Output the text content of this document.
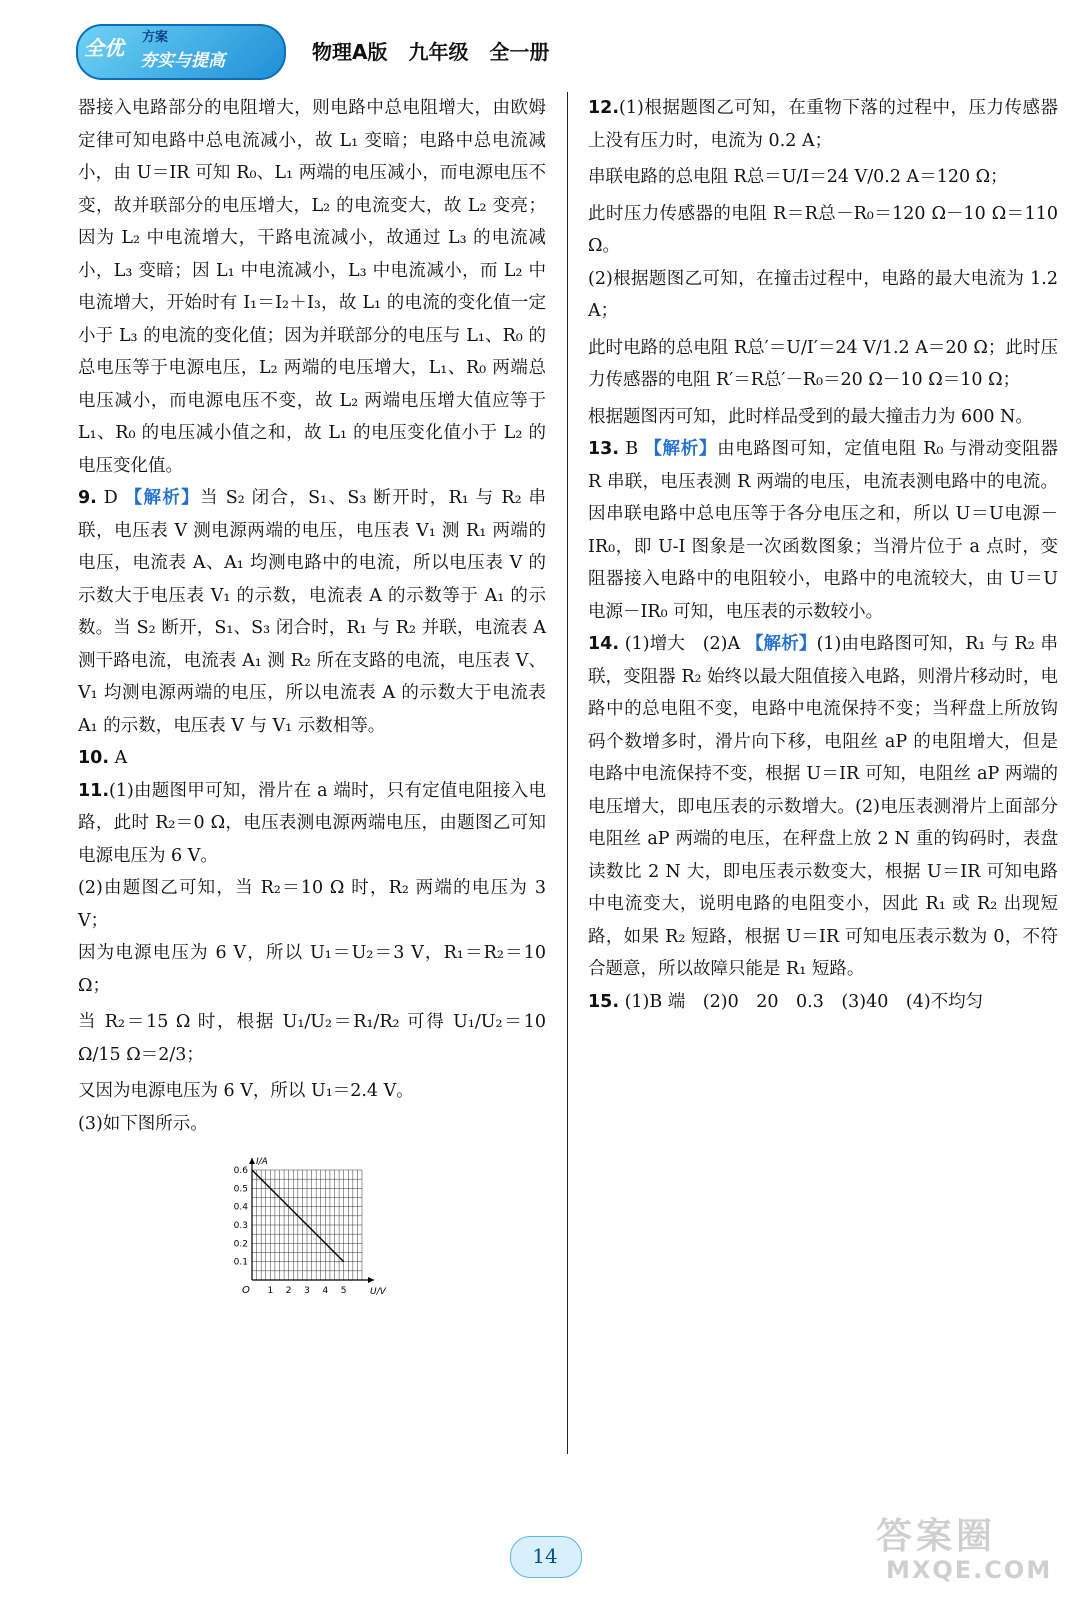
全优 方案
夯实与提高	物理A版 九年级 全一册

器接入电路部分的电阻增大，则电路中总电阻增大，由欧姆定律可知电路中总电流减小，故 L₁ 变暗；电路中总电流减小，由 U＝IR 可知 R₀、L₁ 两端的电压减小，而电源电压不变，故并联部分的电压增大，L₂ 的电流变大，故 L₂ 变亮；因为 L₂ 中电流增大，干路电流减小，故通过 L₃ 的电流减小，L₃ 变暗；因 L₁ 中电流减小，L₃ 中电流减小，而 L₂ 中电流增大，开始时有 I₁＝I₂＋I₃，故 L₁ 的电流的变化值一定小于 L₃ 的电流的变化值；因为并联部分的电压与 L₁、R₀ 的总电压等于电源电压，L₂ 两端的电压增大，L₁、R₀ 两端总电压减小，而电源电压不变，故 L₂ 两端电压增大值应等于 L₁、R₀ 的电压减小值之和，故 L₁ 的电压变化值小于 L₂ 的电压变化值。

9. D 【解析】当 S₂ 闭合，S₁、S₃ 断开时，R₁ 与 R₂ 串联，电压表 V 测电源两端的电压，电压表 V₁ 测 R₁ 两端的电压，电流表 A、A₁ 均测电路中的电流，所以电压表 V 的示数大于电压表 V₁ 的示数，电流表 A 的示数等于 A₁ 的示数。当 S₂ 断开，S₁、S₃ 闭合时，R₁ 与 R₂ 并联，电流表 A 测干路电流，电流表 A₁ 测 R₂ 所在支路的电流，电压表 V、V₁ 均测电源两端的电压，所以电流表 A 的示数大于电流表 A₁ 的示数，电压表 V 与 V₁ 示数相等。

10. A

11.(1)由题图甲可知，滑片在 a 端时，只有定值电阻接入电路，此时 R₂＝0 Ω，电压表测电源两端电压，由题图乙可知电源电压为 6 V。

(2)由题图乙可知，当 R₂＝10 Ω 时，R₂ 两端的电压为 3 V；

因为电源电压为 6 V，所以 U₁＝U₂＝3 V，R₁＝R₂＝10 Ω；

当 R₂＝15 Ω 时，根据 U₁/U₂＝R₁/R₂ 可得 U₁/U₂＝10 Ω/15 Ω＝2/3；

又因为电源电压为 6 V，所以 U₁＝2.4 V。

(3)如下图所示。

1 2 3 4 5
0.1
0.2
0.3
0.4
0.5
0.6
O	U/V
I/A

12.(1)根据题图乙可知，在重物下落的过程中，压力传感器上没有压力时，电流为 0.2 A；

串联电路的总电阻 R总＝U/I＝24 V/0.2 A＝120 Ω；

此时压力传感器的电阻 R＝R总－R₀＝120 Ω－10 Ω＝110 Ω。

(2)根据题图乙可知，在撞击过程中，电路的最大电流为 1.2 A；

此时电路的总电阻 R总′＝U/I′＝24 V/1.2 A＝20 Ω；此时压力传感器的电阻 R′＝R总′－R₀＝20 Ω－10 Ω＝10 Ω；

根据题图丙可知，此时样品受到的最大撞击力为 600 N。

13. B 【解析】由电路图可知，定值电阻 R₀ 与滑动变阻器 R 串联，电压表测 R 两端的电压，电流表测电路中的电流。因串联电路中总电压等于各分电压之和，所以 U＝U电源－IR₀，即 U-I 图象是一次函数图象；当滑片位于 a 点时，变阻器接入电路中的电阻较小，电路中的电流较大，由 U＝U电源－IR₀ 可知，电压表的示数较小。

14. (1)增大　(2)A 【解析】(1)由电路图可知，R₁ 与 R₂ 串联，变阻器 R₂ 始终以最大阻值接入电路，则滑片移动时，电路中的总电阻不变，电路中电流保持不变；当秤盘上所放钩码个数增多时，滑片向下移，电阻丝 aP 的电阻增大，但是电路中电流保持不变，根据 U＝IR 可知，电阻丝 aP 两端的电压增大，即电压表的示数增大。(2)电压表测滑片上面部分电阻丝 aP 两端的电压，在秤盘上放 2 N 重的钩码时，表盘读数比 2 N 大，即电压表示数变大，根据 U＝IR 可知电路中电流变大，说明电路的电阻变小，因此 R₁ 或 R₂ 出现短路，如果 R₂ 短路，根据 U＝IR 可知电压表示数为 0，不符合题意，所以故障只能是 R₁ 短路。

15. (1)B 端　(2)0　20　0.3　(3)40　(4)不均匀

14	答案圈
MXQE.COM
